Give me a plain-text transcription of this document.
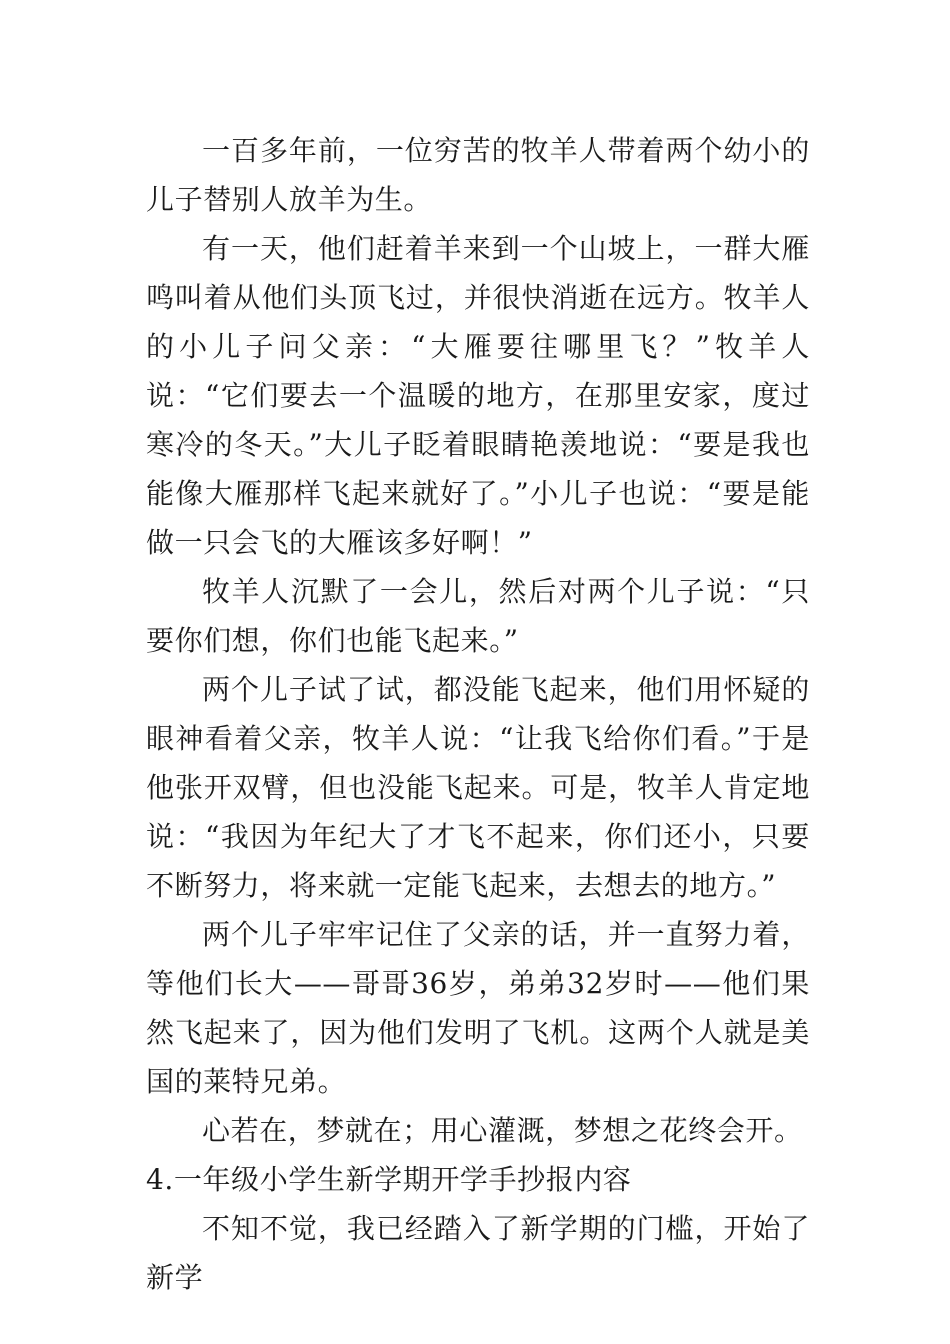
一百多年前，一位穷苦的牧羊人带着两个幼小的儿子替别人放羊为生。

有一天，他们赶着羊来到一个山坡上，一群大雁鸣叫着从他们头顶飞过，并很快消逝在远方。牧羊人的小儿子问父亲：“大雁要往哪里飞？”牧羊人说：“它们要去一个温暖的地方，在那里安家，度过寒冷的冬天。”大儿子眨着眼睛艳羡地说：“要是我也能像大雁那样飞起来就好了。”小儿子也说：“要是能做一只会飞的大雁该多好啊！”

牧羊人沉默了一会儿，然后对两个儿子说：“只要你们想，你们也能飞起来。”

两个儿子试了试，都没能飞起来，他们用怀疑的眼神看着父亲，牧羊人说：“让我飞给你们看。”于是他张开双臂，但也没能飞起来。可是，牧羊人肯定地说：“我因为年纪大了才飞不起来，你们还小，只要不断努力，将来就一定能飞起来，去想去的地方。”

两个儿子牢牢记住了父亲的话，并一直努力着，等他们长大——哥哥36岁，弟弟32岁时——他们果然飞起来了，因为他们发明了飞机。这两个人就是美国的莱特兄弟。

心若在，梦就在；用心灌溉，梦想之花终会开。

4.一年级小学生新学期开学手抄报内容

不知不觉，我已经踏入了新学期的门槛，开始了新学
